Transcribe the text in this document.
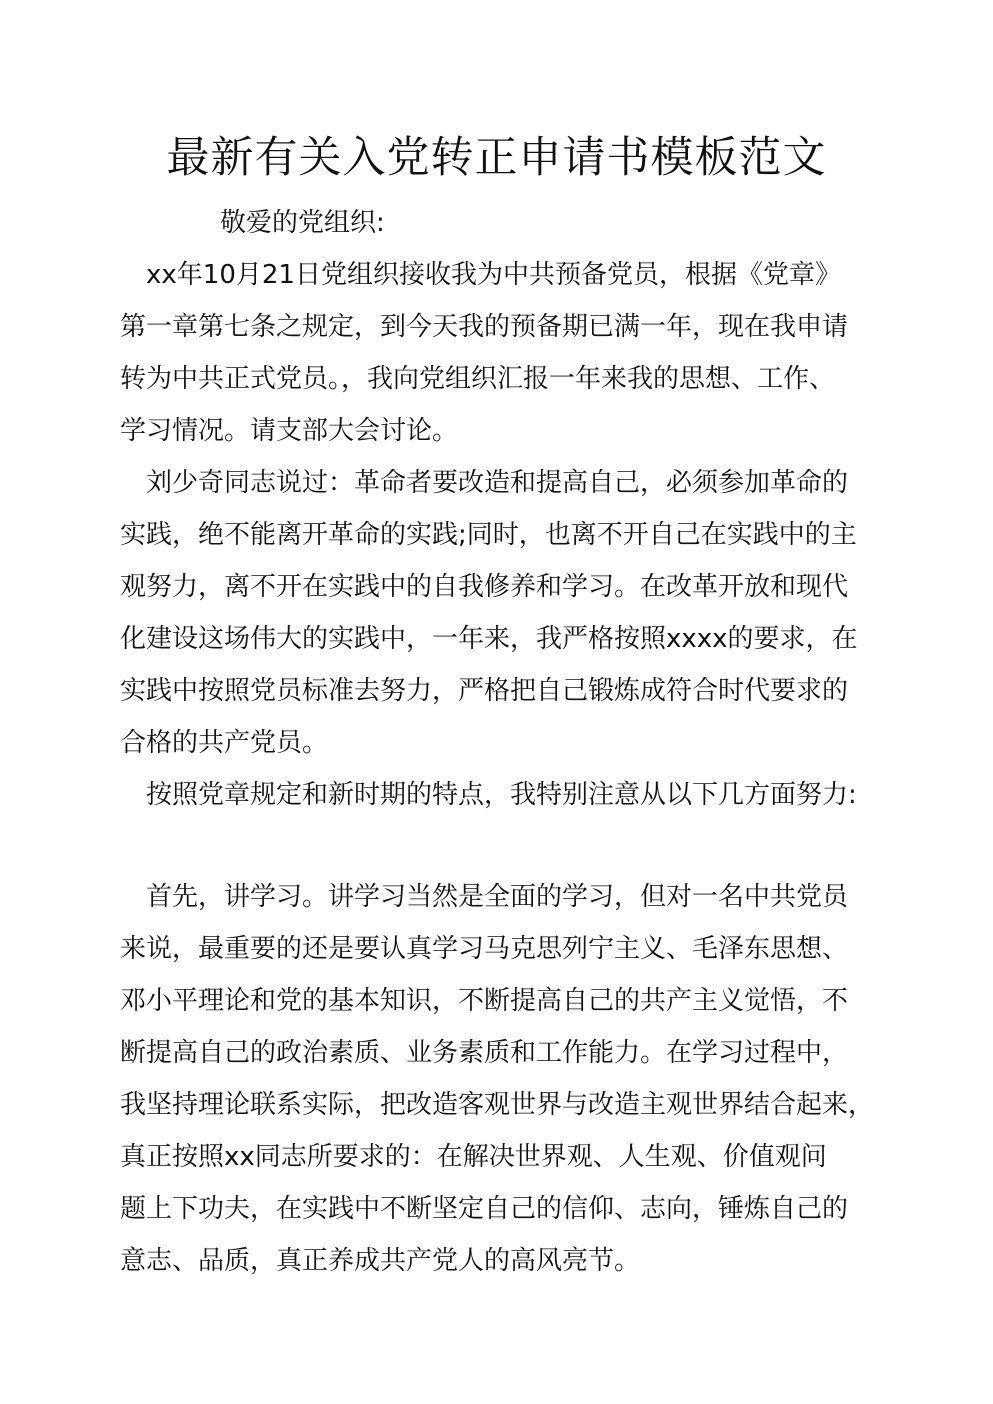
最新有关入党转正申请书模板范文

敬爱的党组织:

xx年10月21日党组织接收我为中共预备党员，根据《党章》

第一章第七条之规定，到今天我的预备期已满一年，现在我申请

转为中共正式党员。，我向党组织汇报一年来我的思想、工作、

学习情况。请支部大会讨论。

刘少奇同志说过：革命者要改造和提高自己，必须参加革命的

实践，绝不能离开革命的实践;同时，也离不开自己在实践中的主

观努力，离不开在实践中的自我修养和学习。在改革开放和现代

化建设这场伟大的实践中，一年来，我严格按照xxxx的要求，在

实践中按照党员标准去努力，严格把自己锻炼成符合时代要求的

合格的共产党员。

按照党章规定和新时期的特点，我特别注意从以下几方面努力:

首先，讲学习。讲学习当然是全面的学习，但对一名中共党员

来说，最重要的还是要认真学习马克思列宁主义、毛泽东思想、

邓小平理论和党的基本知识，不断提高自己的共产主义觉悟，不

断提高自己的政治素质、业务素质和工作能力。在学习过程中，

我坚持理论联系实际，把改造客观世界与改造主观世界结合起来，

真正按照xx同志所要求的：在解决世界观、人生观、价值观问

题上下功夫，在实践中不断坚定自己的信仰、志向，锤炼自己的

意志、品质，真正养成共产党人的高风亮节。
